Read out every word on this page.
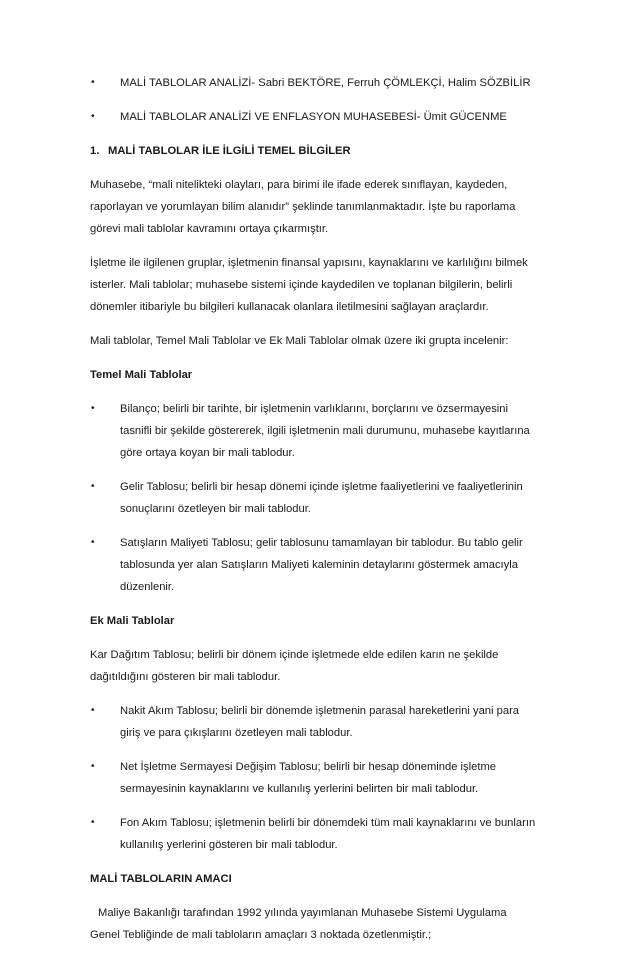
• MALİ TABLOLAR ANALİZİ- Sabri BEKTÖRE, Ferruh ÇÖMLEKÇİ, Halim SÖZBİLİR
• MALİ TABLOLAR ANALİZİ VE ENFLASYON MUHASEBESİ- Ümit GÜCENME
1. MALİ TABLOLAR İLE İLGİLİ TEMEL BİLGİLER
Muhasebe, “mali nitelikteki olayları, para birimi ile ifade ederek sınıflayan, kaydeden,
raporlayan ve yorumlayan bilim alanıdır” şeklinde tanımlanmaktadır. İşte bu raporlama
görevi mali tablolar kavramını ortaya çıkarmıştır.
İşletme ile ilgilenen gruplar, işletmenin finansal yapısını, kaynaklarını ve karlılığını bilmek
isterler. Mali tablolar; muhasebe sistemi içinde kaydedilen ve toplanan bilgilerin, belirli
dönemler itibariyle bu bilgileri kullanacak olanlara iletilmesini sağlayan araçlardır.
Mali tablolar, Temel Mali Tablolar ve Ek Mali Tablolar olmak üzere iki grupta incelenir:
Temel Mali Tablolar
• Bilanço; belirli bir tarihte, bir işletmenin varlıklarını, borçlarını ve özsermayesini
tasnifli bir şekilde göstererek, ilgili işletmenin mali durumunu, muhasebe kayıtlarına
göre ortaya koyan bir mali tablodur.
• Gelir Tablosu; belirli bir hesap dönemi içinde işletme faaliyetlerini ve faaliyetlerinin
sonuçlarını özetleyen bir mali tablodur.
• Satışların Maliyeti Tablosu; gelir tablosunu tamamlayan bir tablodur. Bu tablo gelir
tablosunda yer alan Satışların Maliyeti kaleminin detaylarını göstermek amacıyla
düzenlenir.
Ek Mali Tablolar
Kar Dağıtım Tablosu; belirli bir dönem içinde işletmede elde edilen karın ne şekilde
dağıtıldığını gösteren bir mali tablodur.
• Nakit Akım Tablosu; belirli bir dönemde işletmenin parasal hareketlerini yani para
giriş ve para çıkışlarını özetleyen mali tablodur.
• Net İşletme Sermayesi Değişim Tablosu; belirli bir hesap döneminde işletme
sermayesinin kaynaklarını ve kullanılış yerlerini belirten bir mali tablodur.
• Fon Akım Tablosu; işletmenin belirli bir dönemdeki tüm mali kaynaklarını ve bunların
kullanılış yerlerini gösteren bir mali tablodur.
MALİ TABLOLARIN AMACI
Maliye Bakanlığı tarafından 1992 yılında yayımlanan Muhasebe Sistemi Uygulama
Genel Tebliğinde de mali tabloların amaçları 3 noktada özetlenmiştir.;
